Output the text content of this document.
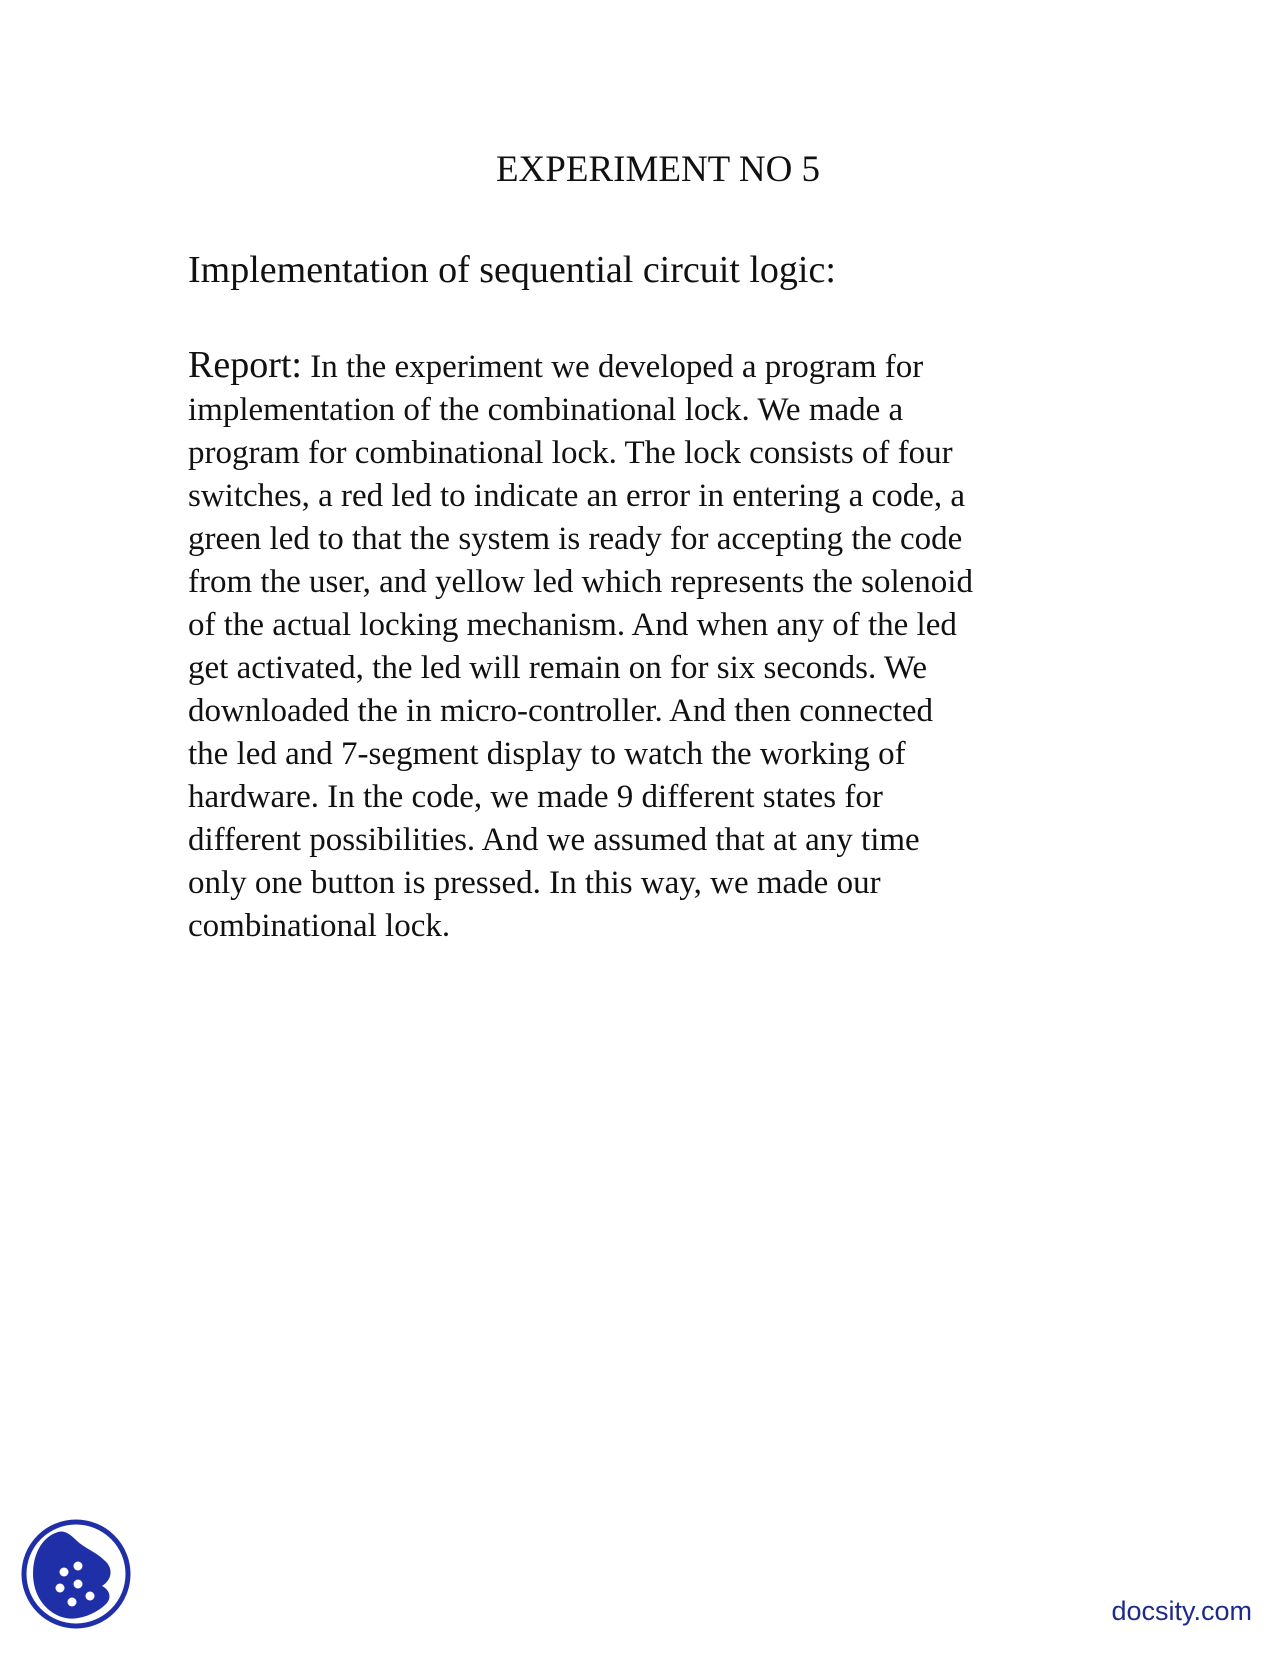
EXPERIMENT NO 5
Implementation of sequential circuit logic:
Report: In the experiment we developed a program for
implementation of the combinational lock. We made a
program for combinational lock. The lock consists of four
switches, a red led to indicate an error in entering a code, a
green led to that the system is ready for accepting the code
from the user, and yellow led which represents the solenoid
of the actual locking mechanism. And when any of the led
get activated, the led will remain on for six seconds. We
downloaded the in micro-controller. And then connected
the led and 7-segment display to watch the working of
hardware. In the code, we made 9 different states for
different possibilities. And we assumed that at any time
only one button is pressed. In this way, we made our
combinational lock.

docsity.com
